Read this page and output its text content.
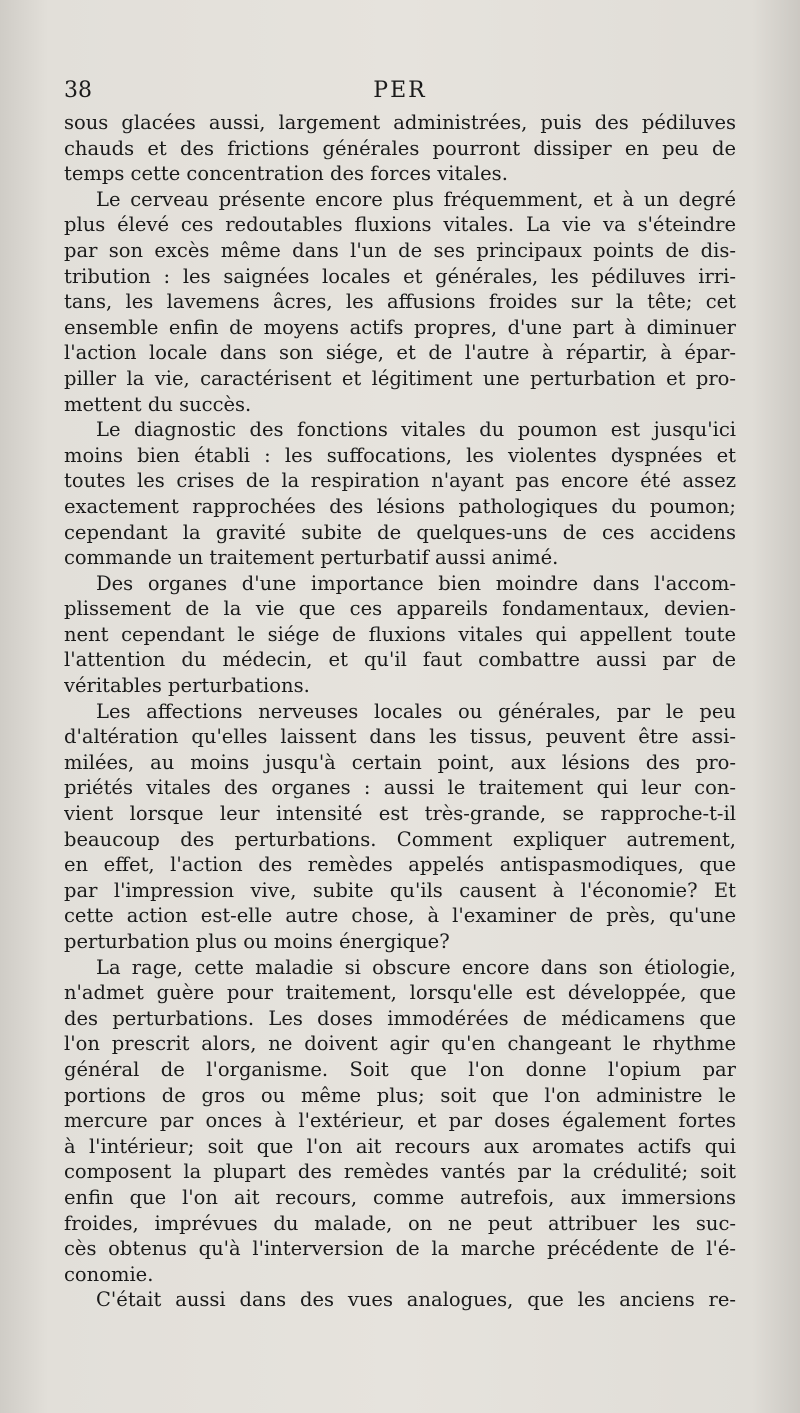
38	PER
sous glacées aussi, largement administrées, puis des pédiluves
chauds et des frictions générales pourront dissiper en peu de
temps cette concentration des forces vitales.
Le cerveau présente encore plus fréquemment, et à un degré
plus élevé ces redoutables fluxions vitales. La vie va s'éteindre
par son excès même dans l'un de ses principaux points de dis-
tribution : les saignées locales et générales, les pédiluves irri-
tans, les lavemens âcres, les affusions froides sur la tête; cet
ensemble enfin de moyens actifs propres, d'une part à diminuer
l'action locale dans son siége, et de l'autre à répartir, à épar-
piller la vie, caractérisent et légitiment une perturbation et pro-
mettent du succès.
Le diagnostic des fonctions vitales du poumon est jusqu'ici
moins bien établi : les suffocations, les violentes dyspnées et
toutes les crises de la respiration n'ayant pas encore été assez
exactement rapprochées des lésions pathologiques du poumon;
cependant la gravité subite de quelques-uns de ces accidens
commande un traitement perturbatif aussi animé.
Des organes d'une importance bien moindre dans l'accom-
plissement de la vie que ces appareils fondamentaux, devien-
nent cependant le siége de fluxions vitales qui appellent toute
l'attention du médecin, et qu'il faut combattre aussi par de
véritables perturbations.
Les affections nerveuses locales ou générales, par le peu
d'altération qu'elles laissent dans les tissus, peuvent être assi-
milées, au moins jusqu'à certain point, aux lésions des pro-
priétés vitales des organes : aussi le traitement qui leur con-
vient lorsque leur intensité est très-grande, se rapproche-t-il
beaucoup des perturbations. Comment expliquer autrement,
en effet, l'action des remèdes appelés antispasmodiques, que
par l'impression vive, subite qu'ils causent à l'économie? Et
cette action est-elle autre chose, à l'examiner de près, qu'une
perturbation plus ou moins énergique?
La rage, cette maladie si obscure encore dans son étiologie,
n'admet guère pour traitement, lorsqu'elle est développée, que
des perturbations. Les doses immodérées de médicamens que
l'on prescrit alors, ne doivent agir qu'en changeant le rhythme
général de l'organisme. Soit que l'on donne l'opium par
portions de gros ou même plus; soit que l'on administre le
mercure par onces à l'extérieur, et par doses également fortes
à l'intérieur; soit que l'on ait recours aux aromates actifs qui
composent la plupart des remèdes vantés par la crédulité; soit
enfin que l'on ait recours, comme autrefois, aux immersions
froides, imprévues du malade, on ne peut attribuer les suc-
cès obtenus qu'à l'interversion de la marche précédente de l'é-
conomie.
C'était aussi dans des vues analogues, que les anciens re-
